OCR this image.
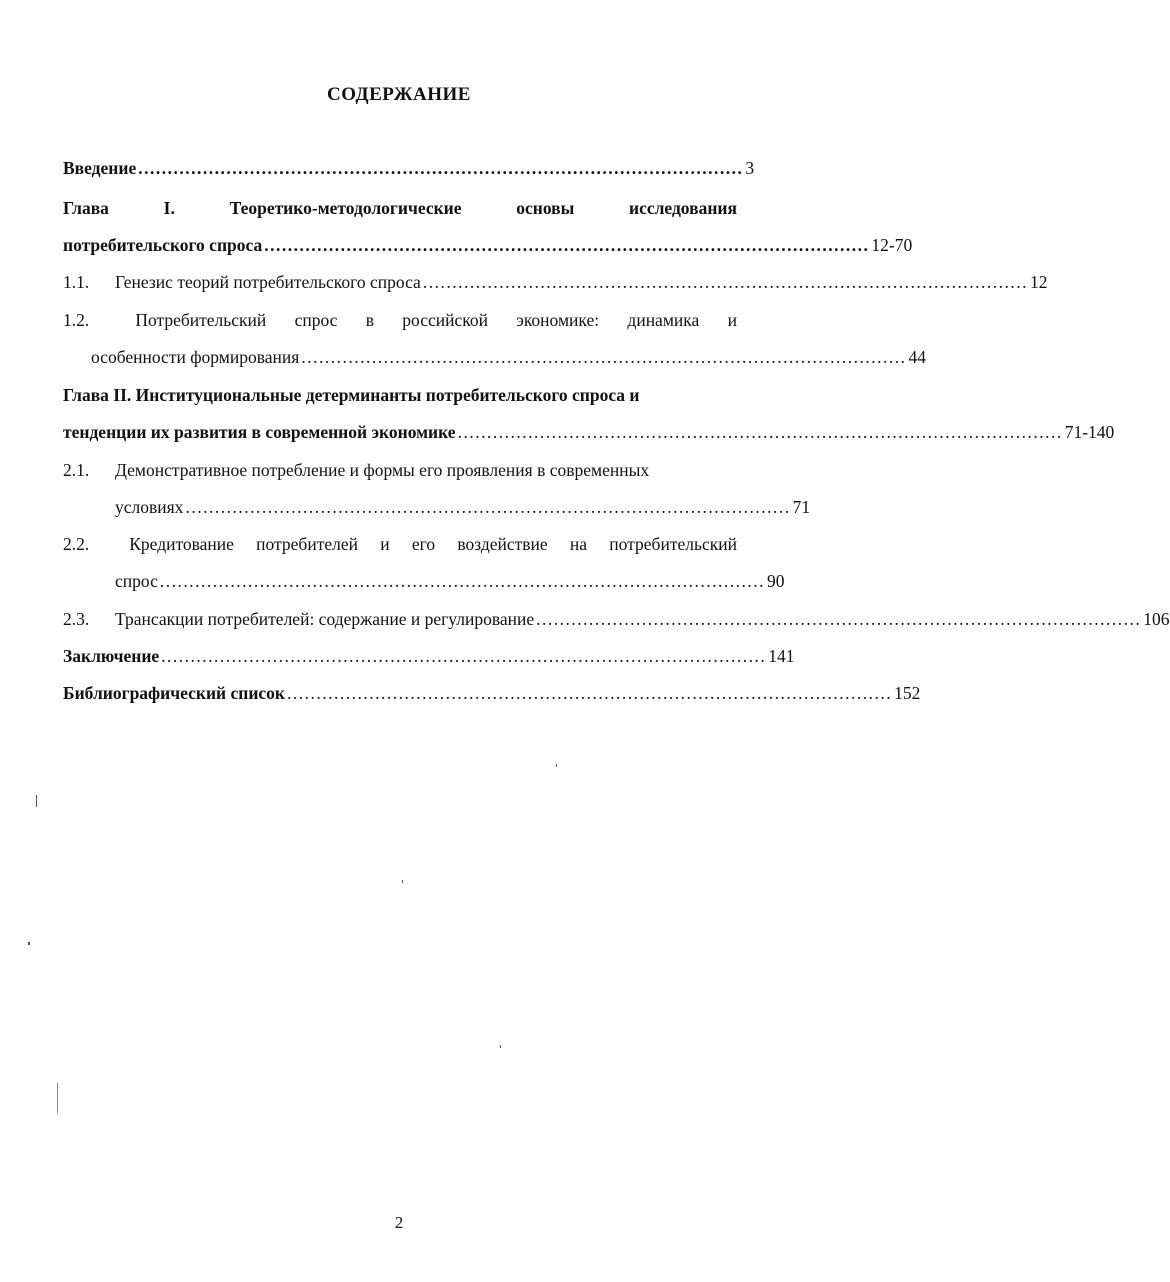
СОДЕРЖАНИЕ
Введение ....................................................................................................... 3
Глава	I.	Теоретико-методологические	основы	исследования
потребительского спроса ....................................................................................................... 12-70
1.1. Генезис теорий потребительского спроса ....................................................................................................... 12
1.2.	Потребительский спрос в российской экономике: динамика и
особенности формирования ....................................................................................................... 44
Глава II. Институциональные детерминанты потребительского спроса и
тенденции их развития в современной экономике ....................................................................................................... 71-140
2.1. Демонстративное потребление и формы его проявления в современных
условиях ....................................................................................................... 71
2.2.	Кредитование потребителей и его воздействие на потребительский
спрос ....................................................................................................... 90
2.3. Трансакции потребителей: содержание и регулирование ....................................................................................................... 106
Заключение ....................................................................................................... 141
Библиографический список ....................................................................................................... 152
2
